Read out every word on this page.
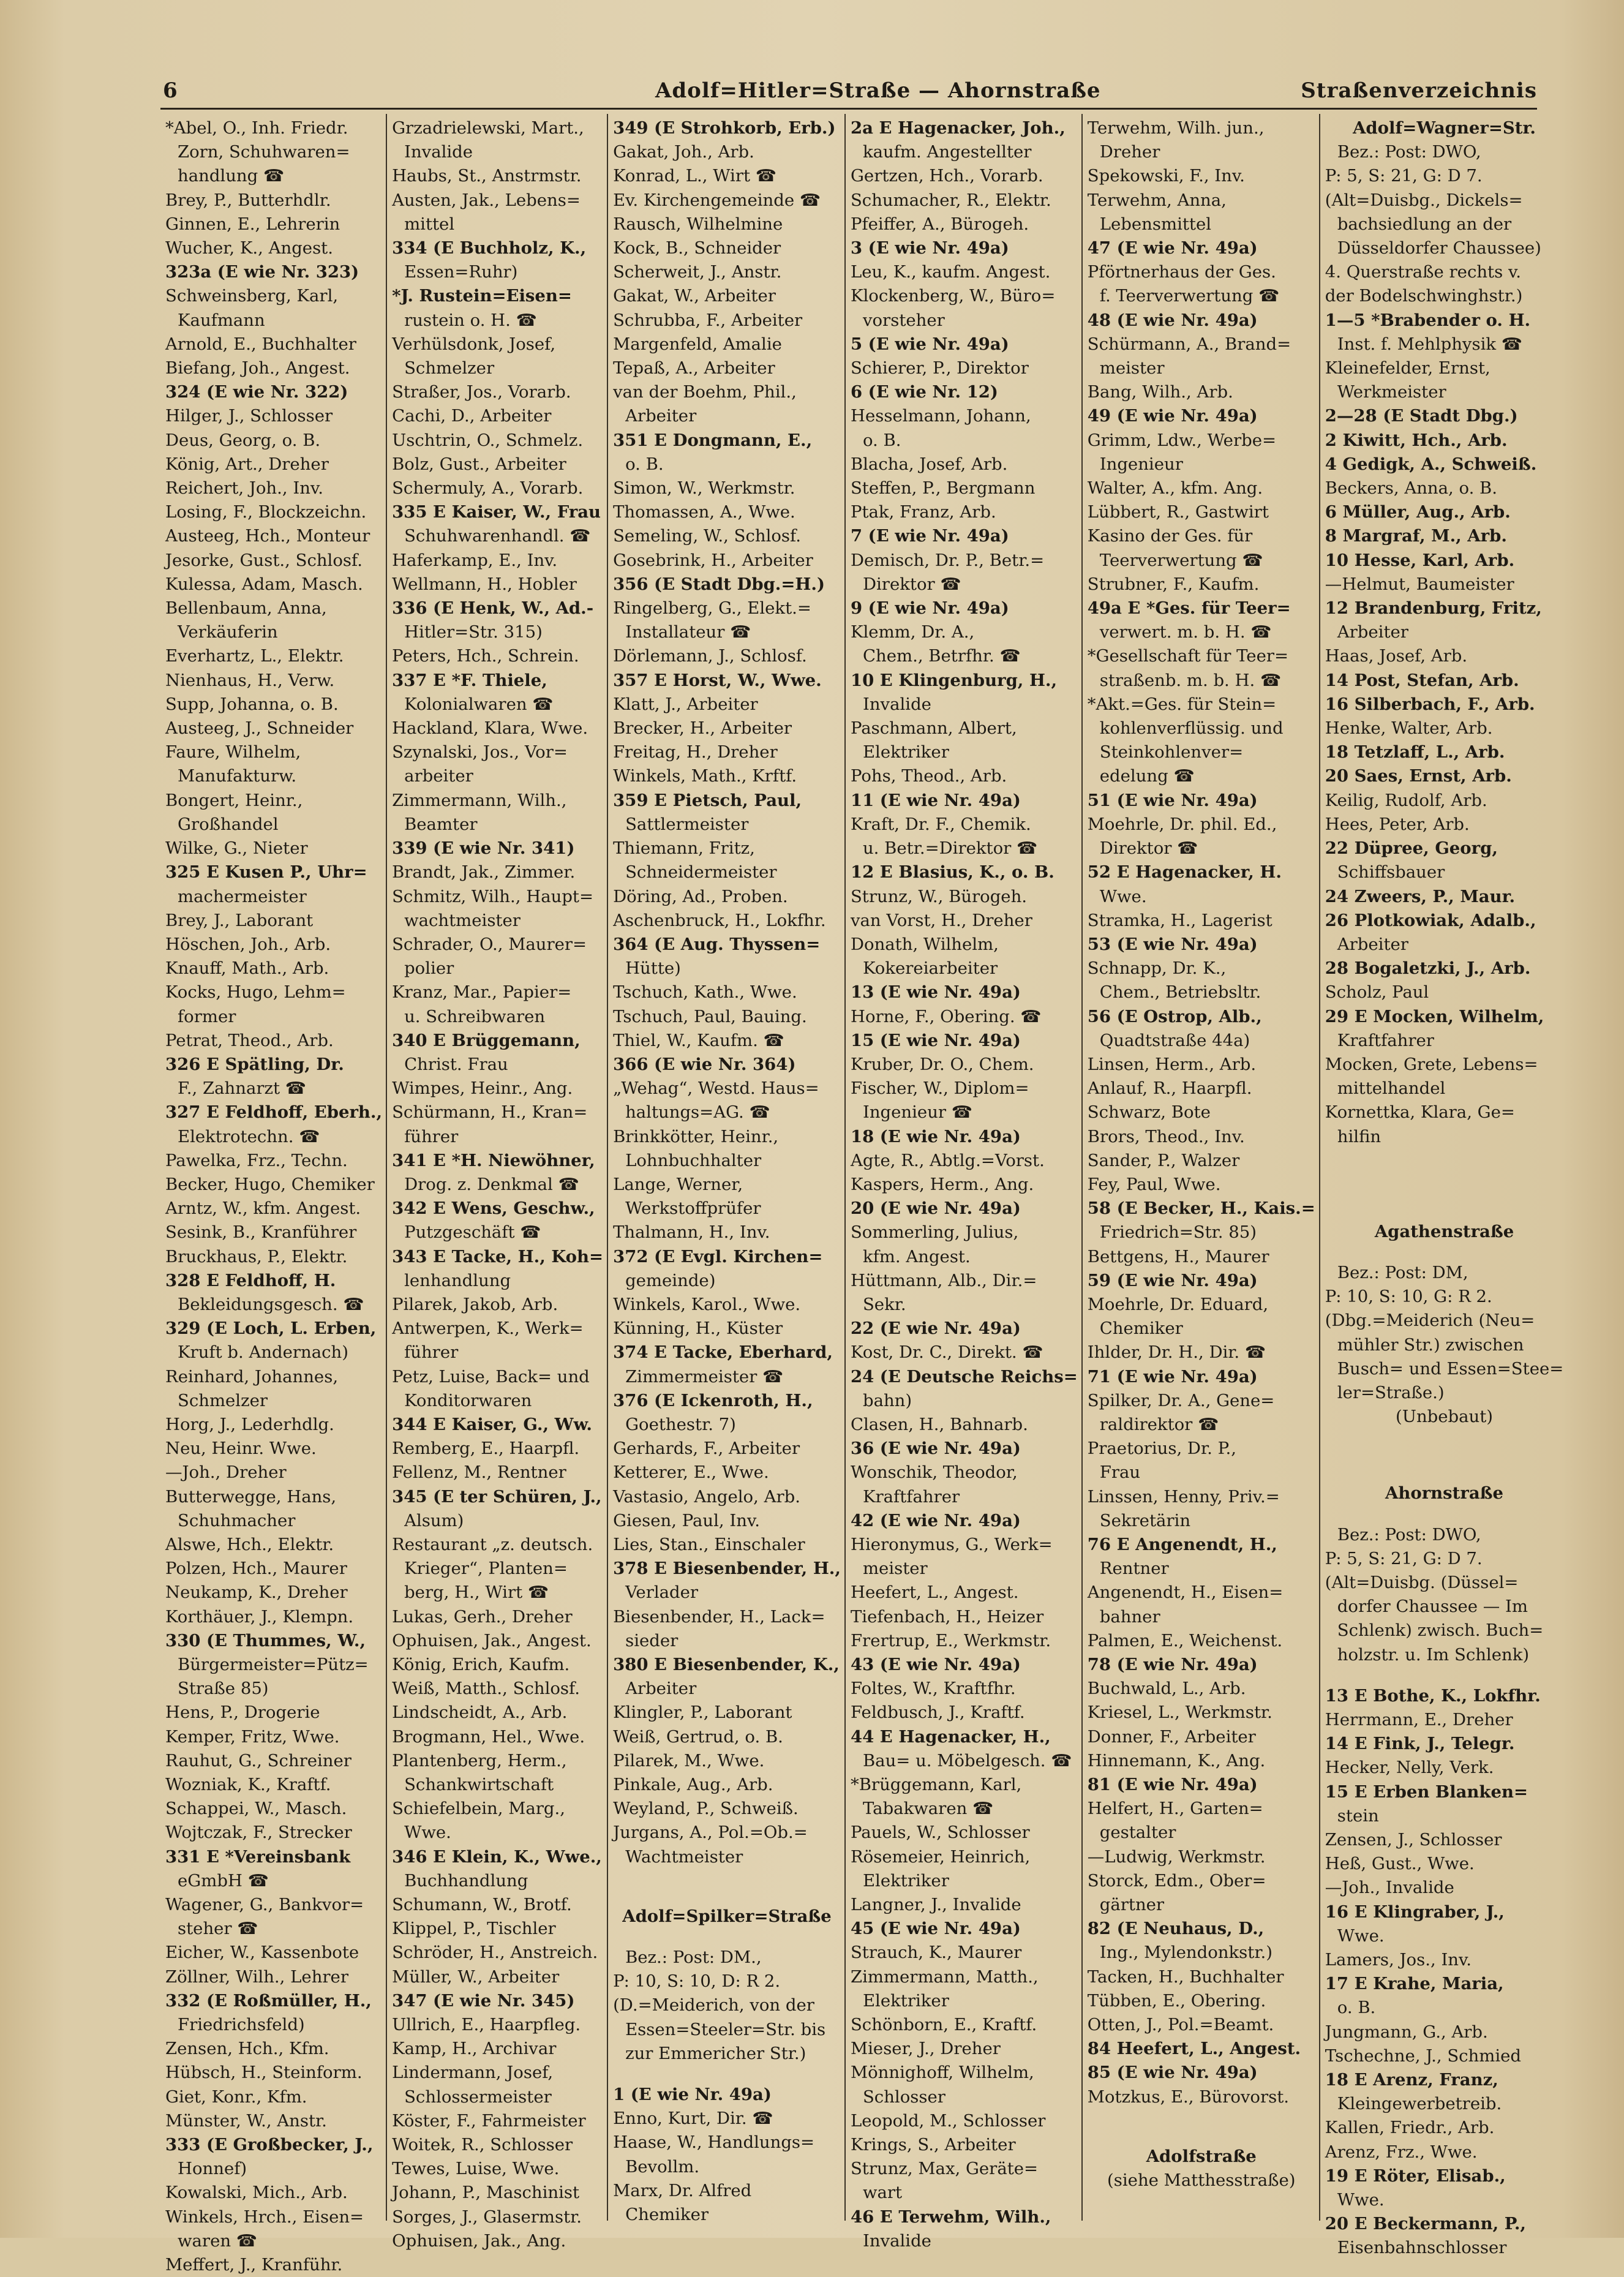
6	Adolf=Hitler=Straße — Ahornstraße	Straßenverzeichnis
*Abel, O., Inh. Friedr.
Zorn, Schuhwaren=
handlung ☎
Brey, P., Butterhdlr.
Ginnen, E., Lehrerin
Wucher, K., Angest.
323a (E wie Nr. 323)
Schweinsberg, Karl,
Kaufmann
Arnold, E., Buchhalter
Biefang, Joh., Angest.
324 (E wie Nr. 322)
Hilger, J., Schlosser
Deus, Georg, o. B.
König, Art., Dreher
Reichert, Joh., Inv.
Losing, F., Blockzeichn.
Austeeg, Hch., Monteur
Jesorke, Gust., Schlosf.
Kulessa, Adam, Masch.
Bellenbaum, Anna,
Verkäuferin
Everhartz, L., Elektr.
Nienhaus, H., Verw.
Supp, Johanna, o. B.
Austeeg, J., Schneider
Faure, Wilhelm,
Manufakturw.
Bongert, Heinr.,
Großhandel
Wilke, G., Nieter
325 E Kusen P., Uhr=
machermeister
Brey, J., Laborant
Höschen, Joh., Arb.
Knauff, Math., Arb.
Kocks, Hugo, Lehm=
former
Petrat, Theod., Arb.
326 E Spätling, Dr.
F., Zahnarzt ☎
327 E Feldhoff, Eberh.,
Elektrotechn. ☎
Pawelka, Frz., Techn.
Becker, Hugo, Chemiker
Arntz, W., kfm. Angest.
Sesink, B., Kranführer
Bruckhaus, P., Elektr.
328 E Feldhoff, H.
Bekleidungsgesch. ☎
329 (E Loch, L. Erben,
Kruft b. Andernach)
Reinhard, Johannes,
Schmelzer
Horg, J., Lederhdlg.
Neu, Heinr. Wwe.
—Joh., Dreher
Butterwegge, Hans,
Schuhmacher
Alswe, Hch., Elektr.
Polzen, Hch., Maurer
Neukamp, K., Dreher
Korthäuer, J., Klempn.
330 (E Thummes, W.,
Bürgermeister=Pütz=
Straße 85)
Hens, P., Drogerie
Kemper, Fritz, Wwe.
Rauhut, G., Schreiner
Wozniak, K., Kraftf.
Schappei, W., Masch.
Wojtczak, F., Strecker
331 E *Vereinsbank
eGmbH ☎
Wagener, G., Bankvor=
steher ☎
Eicher, W., Kassenbote
Zöllner, Wilh., Lehrer
332 (E Roßmüller, H.,
Friedrichsfeld)
Zensen, Hch., Kfm.
Hübsch, H., Steinform.
Giet, Konr., Kfm.
Münster, W., Anstr.
333 (E Großbecker, J.,
Honnef)
Kowalski, Mich., Arb.
Winkels, Hrch., Eisen=
waren ☎
Meffert, J., Kranführ.
Grzadrielewski, Mart.,
Invalide
Haubs, St., Anstrmstr.
Austen, Jak., Lebens=
mittel
334 (E Buchholz, K.,
Essen=Ruhr)
*J. Rustein=Eisen=
rustein o. H. ☎
Verhülsdonk, Josef,
Schmelzer
Straßer, Jos., Vorarb.
Cachi, D., Arbeiter
Uschtrin, O., Schmelz.
Bolz, Gust., Arbeiter
Schermuly, A., Vorarb.
335 E Kaiser, W., Frau
Schuhwarenhandl. ☎
Haferkamp, E., Inv.
Wellmann, H., Hobler
336 (E Henk, W., Ad.-
Hitler=Str. 315)
Peters, Hch., Schrein.
337 E *F. Thiele,
Kolonialwaren ☎
Hackland, Klara, Wwe.
Szynalski, Jos., Vor=
arbeiter
Zimmermann, Wilh.,
Beamter
339 (E wie Nr. 341)
Brandt, Jak., Zimmer.
Schmitz, Wilh., Haupt=
wachtmeister
Schrader, O., Maurer=
polier
Kranz, Mar., Papier=
u. Schreibwaren
340 E Brüggemann,
Christ. Frau
Wimpes, Heinr., Ang.
Schürmann, H., Kran=
führer
341 E *H. Niewöhner,
Drog. z. Denkmal ☎
342 E Wens, Geschw.,
Putzgeschäft ☎
343 E Tacke, H., Koh=
lenhandlung
Pilarek, Jakob, Arb.
Antwerpen, K., Werk=
führer
Petz, Luise, Back= und
Konditorwaren
344 E Kaiser, G., Ww.
Remberg, E., Haarpfl.
Fellenz, M., Rentner
345 (E ter Schüren, J.,
Alsum)
Restaurant „z. deutsch.
Krieger“, Planten=
berg, H., Wirt ☎
Lukas, Gerh., Dreher
Ophuisen, Jak., Angest.
König, Erich, Kaufm.
Weiß, Matth., Schlosf.
Lindscheidt, A., Arb.
Brogmann, Hel., Wwe.
Plantenberg, Herm.,
Schankwirtschaft
Schiefelbein, Marg.,
Wwe.
346 E Klein, K., Wwe.,
Buchhandlung
Schumann, W., Brotf.
Klippel, P., Tischler
Schröder, H., Anstreich.
Müller, W., Arbeiter
347 (E wie Nr. 345)
Ullrich, E., Haarpfleg.
Kamp, H., Archivar
Lindermann, Josef,
Schlossermeister
Köster, F., Fahrmeister
Woitek, R., Schlosser
Tewes, Luise, Wwe.
Johann, P., Maschinist
Sorges, J., Glasermstr.
Ophuisen, Jak., Ang.
349 (E Strohkorb, Erb.)
Gakat, Joh., Arb.
Konrad, L., Wirt ☎
Ev. Kirchengemeinde ☎
Rausch, Wilhelmine
Kock, B., Schneider
Scherweit, J., Anstr.
Gakat, W., Arbeiter
Schrubba, F., Arbeiter
Margenfeld, Amalie
Tepaß, A., Arbeiter
van der Boehm, Phil.,
Arbeiter
351 E Dongmann, E.,
o. B.
Simon, W., Werkmstr.
Thomassen, A., Wwe.
Semeling, W., Schlosf.
Gosebrink, H., Arbeiter
356 (E Stadt Dbg.=H.)
Ringelberg, G., Elekt.=
Installateur ☎
Dörlemann, J., Schlosf.
357 E Horst, W., Wwe.
Klatt, J., Arbeiter
Brecker, H., Arbeiter
Freitag, H., Dreher
Winkels, Math., Krftf.
359 E Pietsch, Paul,
Sattlermeister
Thiemann, Fritz,
Schneidermeister
Döring, Ad., Proben.
Aschenbruck, H., Lokfhr.
364 (E Aug. Thyssen=
Hütte)
Tschuch, Kath., Wwe.
Tschuch, Paul, Bauing.
Thiel, W., Kaufm. ☎
366 (E wie Nr. 364)
„Wehag“, Westd. Haus=
haltungs=AG. ☎
Brinkkötter, Heinr.,
Lohnbuchhalter
Lange, Werner,
Werkstoffprüfer
Thalmann, H., Inv.
372 (E Evgl. Kirchen=
gemeinde)
Winkels, Karol., Wwe.
Künning, H., Küster
374 E Tacke, Eberhard,
Zimmermeister ☎
376 (E Ickenroth, H.,
Goethestr. 7)
Gerhards, F., Arbeiter
Ketterer, E., Wwe.
Vastasio, Angelo, Arb.
Giesen, Paul, Inv.
Lies, Stan., Einschaler
378 E Biesenbender, H.,
Verlader
Biesenbender, H., Lack=
sieder
380 E Biesenbender, K.,
Arbeiter
Klingler, P., Laborant
Weiß, Gertrud, o. B.
Pilarek, M., Wwe.
Pinkale, Aug., Arb.
Weyland, P., Schweiß.
Jurgans, A., Pol.=Ob.=
Wachtmeister
Adolf=Spilker=Straße
Bez.: Post: DM.,
P: 10, S: 10, D: R 2.
(D.=Meiderich, von der
Essen=Steeler=Str. bis
zur Emmericher Str.)
1 (E wie Nr. 49a)
Enno, Kurt, Dir. ☎
Haase, W., Handlungs=
Bevollm.
Marx, Dr. Alfred
Chemiker
2a E Hagenacker, Joh.,
kaufm. Angestellter
Gertzen, Hch., Vorarb.
Schumacher, R., Elektr.
Pfeiffer, A., Bürogeh.
3 (E wie Nr. 49a)
Leu, K., kaufm. Angest.
Klockenberg, W., Büro=
vorsteher
5 (E wie Nr. 49a)
Schierer, P., Direktor
6 (E wie Nr. 12)
Hesselmann, Johann,
o. B.
Blacha, Josef, Arb.
Steffen, P., Bergmann
Ptak, Franz, Arb.
7 (E wie Nr. 49a)
Demisch, Dr. P., Betr.=
Direktor ☎
9 (E wie Nr. 49a)
Klemm, Dr. A.,
Chem., Betrfhr. ☎
10 E Klingenburg, H.,
Invalide
Paschmann, Albert,
Elektriker
Pohs, Theod., Arb.
11 (E wie Nr. 49a)
Kraft, Dr. F., Chemik.
u. Betr.=Direktor ☎
12 E Blasius, K., o. B.
Strunz, W., Bürogeh.
van Vorst, H., Dreher
Donath, Wilhelm,
Kokereiarbeiter
13 (E wie Nr. 49a)
Horne, F., Obering. ☎
15 (E wie Nr. 49a)
Kruber, Dr. O., Chem.
Fischer, W., Diplom=
Ingenieur ☎
18 (E wie Nr. 49a)
Agte, R., Abtlg.=Vorst.
Kaspers, Herm., Ang.
20 (E wie Nr. 49a)
Sommerling, Julius,
kfm. Angest.
Hüttmann, Alb., Dir.=
Sekr.
22 (E wie Nr. 49a)
Kost, Dr. C., Direkt. ☎
24 (E Deutsche Reichs=
bahn)
Clasen, H., Bahnarb.
36 (E wie Nr. 49a)
Wonschik, Theodor,
Kraftfahrer
42 (E wie Nr. 49a)
Hieronymus, G., Werk=
meister
Heefert, L., Angest.
Tiefenbach, H., Heizer
Frertrup, E., Werkmstr.
43 (E wie Nr. 49a)
Foltes, W., Kraftfhr.
Feldbusch, J., Kraftf.
44 E Hagenacker, H.,
Bau= u. Möbelgesch. ☎
*Brüggemann, Karl,
Tabakwaren ☎
Pauels, W., Schlosser
Rösemeier, Heinrich,
Elektriker
Langner, J., Invalide
45 (E wie Nr. 49a)
Strauch, K., Maurer
Zimmermann, Matth.,
Elektriker
Schönborn, E., Kraftf.
Mieser, J., Dreher
Mönnighoff, Wilhelm,
Schlosser
Leopold, M., Schlosser
Krings, S., Arbeiter
Strunz, Max, Geräte=
wart
46 E Terwehm, Wilh.,
Invalide
Terwehm, Wilh. jun.,
Dreher
Spekowski, F., Inv.
Terwehm, Anna,
Lebensmittel
47 (E wie Nr. 49a)
Pförtnerhaus der Ges.
f. Teerverwertung ☎
48 (E wie Nr. 49a)
Schürmann, A., Brand=
meister
Bang, Wilh., Arb.
49 (E wie Nr. 49a)
Grimm, Ldw., Werbe=
Ingenieur
Walter, A., kfm. Ang.
Lübbert, R., Gastwirt
Kasino der Ges. für
Teerverwertung ☎
Strubner, F., Kaufm.
49a E *Ges. für Teer=
verwert. m. b. H. ☎
*Gesellschaft für Teer=
straßenb. m. b. H. ☎
*Akt.=Ges. für Stein=
kohlenverflüssig. und
Steinkohlenver=
edelung ☎
51 (E wie Nr. 49a)
Moehrle, Dr. phil. Ed.,
Direktor ☎
52 E Hagenacker, H.
Wwe.
Stramka, H., Lagerist
53 (E wie Nr. 49a)
Schnapp, Dr. K.,
Chem., Betriebsltr.
56 (E Ostrop, Alb.,
Quadtstraße 44a)
Linsen, Herm., Arb.
Anlauf, R., Haarpfl.
Schwarz, Bote
Brors, Theod., Inv.
Sander, P., Walzer
Fey, Paul, Wwe.
58 (E Becker, H., Kais.=
Friedrich=Str. 85)
Bettgens, H., Maurer
59 (E wie Nr. 49a)
Moehrle, Dr. Eduard,
Chemiker
Ihlder, Dr. H., Dir. ☎
71 (E wie Nr. 49a)
Spilker, Dr. A., Gene=
raldirektor ☎
Praetorius, Dr. P.,
Frau
Linssen, Henny, Priv.=
Sekretärin
76 E Angenendt, H.,
Rentner
Angenendt, H., Eisen=
bahner
Palmen, E., Weichenst.
78 (E wie Nr. 49a)
Buchwald, L., Arb.
Kriesel, L., Werkmstr.
Donner, F., Arbeiter
Hinnemann, K., Ang.
81 (E wie Nr. 49a)
Helfert, H., Garten=
gestalter
—Ludwig, Werkmstr.
Storck, Edm., Ober=
gärtner
82 (E Neuhaus, D.,
Ing., Mylendonkstr.)
Tacken, H., Buchhalter
Tübben, E., Obering.
Otten, J., Pol.=Beamt.
84 Heefert, L., Angest.
85 (E wie Nr. 49a)
Motzkus, E., Bürovorst.
Adolfstraße
(siehe Matthesstraße)
Adolf=Wagner=Str.
Bez.: Post: DWO,
P: 5, S: 21, G: D 7.
(Alt=Duisbg., Dickels=
bachsiedlung an der
Düsseldorfer Chaussee)
4. Querstraße rechts v.
der Bodelschwinghstr.)
1—5 *Brabender o. H.
Inst. f. Mehlphysik ☎
Kleinefelder, Ernst,
Werkmeister
2—28 (E Stadt Dbg.)
2 Kiwitt, Hch., Arb.
4 Gedigk, A., Schweiß.
Beckers, Anna, o. B.
6 Müller, Aug., Arb.
8 Margraf, M., Arb.
10 Hesse, Karl, Arb.
—Helmut, Baumeister
12 Brandenburg, Fritz,
Arbeiter
Haas, Josef, Arb.
14 Post, Stefan, Arb.
16 Silberbach, F., Arb.
Henke, Walter, Arb.
18 Tetzlaff, L., Arb.
20 Saes, Ernst, Arb.
Keilig, Rudolf, Arb.
Hees, Peter, Arb.
22 Düpree, Georg,
Schiffsbauer
24 Zweers, P., Maur.
26 Plotkowiak, Adalb.,
Arbeiter
28 Bogaletzki, J., Arb.
Scholz, Paul
29 E Mocken, Wilhelm,
Kraftfahrer
Mocken, Grete, Lebens=
mittelhandel
Kornettka, Klara, Ge=
hilfin
Agathenstraße
Bez.: Post: DM,
P: 10, S: 10, G: R 2.
(Dbg.=Meiderich (Neu=
mühler Str.) zwischen
Busch= und Essen=Stee=
ler=Straße.)
(Unbebaut)
Ahornstraße
Bez.: Post: DWO,
P: 5, S: 21, G: D 7.
(Alt=Duisbg. (Düssel=
dorfer Chaussee — Im
Schlenk) zwisch. Buch=
holzstr. u. Im Schlenk)
13 E Bothe, K., Lokfhr.
Herrmann, E., Dreher
14 E Fink, J., Telegr.
Hecker, Nelly, Verk.
15 E Erben Blanken=
stein
Zensen, J., Schlosser
Heß, Gust., Wwe.
—Joh., Invalide
16 E Klingraber, J.,
Wwe.
Lamers, Jos., Inv.
17 E Krahe, Maria,
o. B.
Jungmann, G., Arb.
Tschechne, J., Schmied
18 E Arenz, Franz,
Kleingewerbetreib.
Kallen, Friedr., Arb.
Arenz, Frz., Wwe.
19 E Röter, Elisab.,
Wwe.
20 E Beckermann, P.,
Eisenbahnschlosser
